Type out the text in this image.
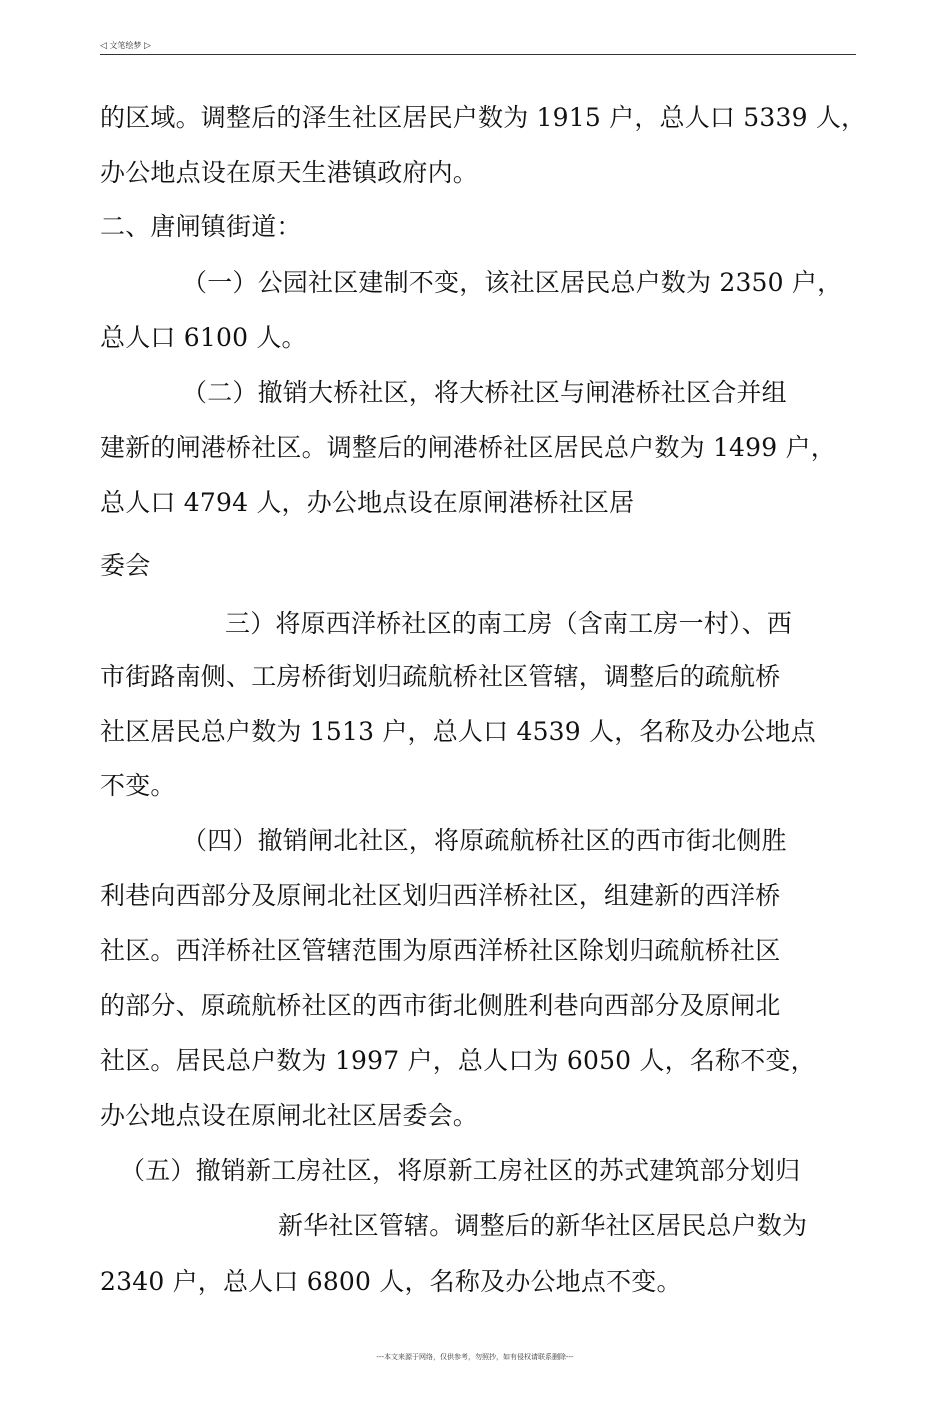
◁ 文笔绘梦 ▷
的区域。调整后的泽生社区居民户数为 1915 户，总人口 5339 人，
办公地点设在原天生港镇政府内。
二、唐闸镇街道：
（一）公园社区建制不变，该社区居民总户数为 2350 户，
总人口 6100 人。
（二）撤销大桥社区，将大桥社区与闸港桥社区合并组
建新的闸港桥社区。调整后的闸港桥社区居民总户数为 1499 户，
总人口 4794 人，办公地点设在原闸港桥社区居
委会
三）将原西洋桥社区的南工房（含南工房一村）、西
市街路南侧、工房桥街划归疏航桥社区管辖，调整后的疏航桥
社区居民总户数为 1513 户，总人口 4539 人，名称及办公地点
不变。
（四）撤销闸北社区，将原疏航桥社区的西市街北侧胜
利巷向西部分及原闸北社区划归西洋桥社区，组建新的西洋桥
社区。西洋桥社区管辖范围为原西洋桥社区除划归疏航桥社区
的部分、原疏航桥社区的西市街北侧胜利巷向西部分及原闸北
社区。居民总户数为 1997 户，总人口为 6050 人，名称不变，
办公地点设在原闸北社区居委会。
（五）撤销新工房社区，将原新工房社区的苏式建筑部分划归
新华社区管辖。调整后的新华社区居民总户数为
2340 户，总人口 6800 人，名称及办公地点不变。
---本文来源于网络，仅供参考，勿照抄，如有侵权请联系删除---
